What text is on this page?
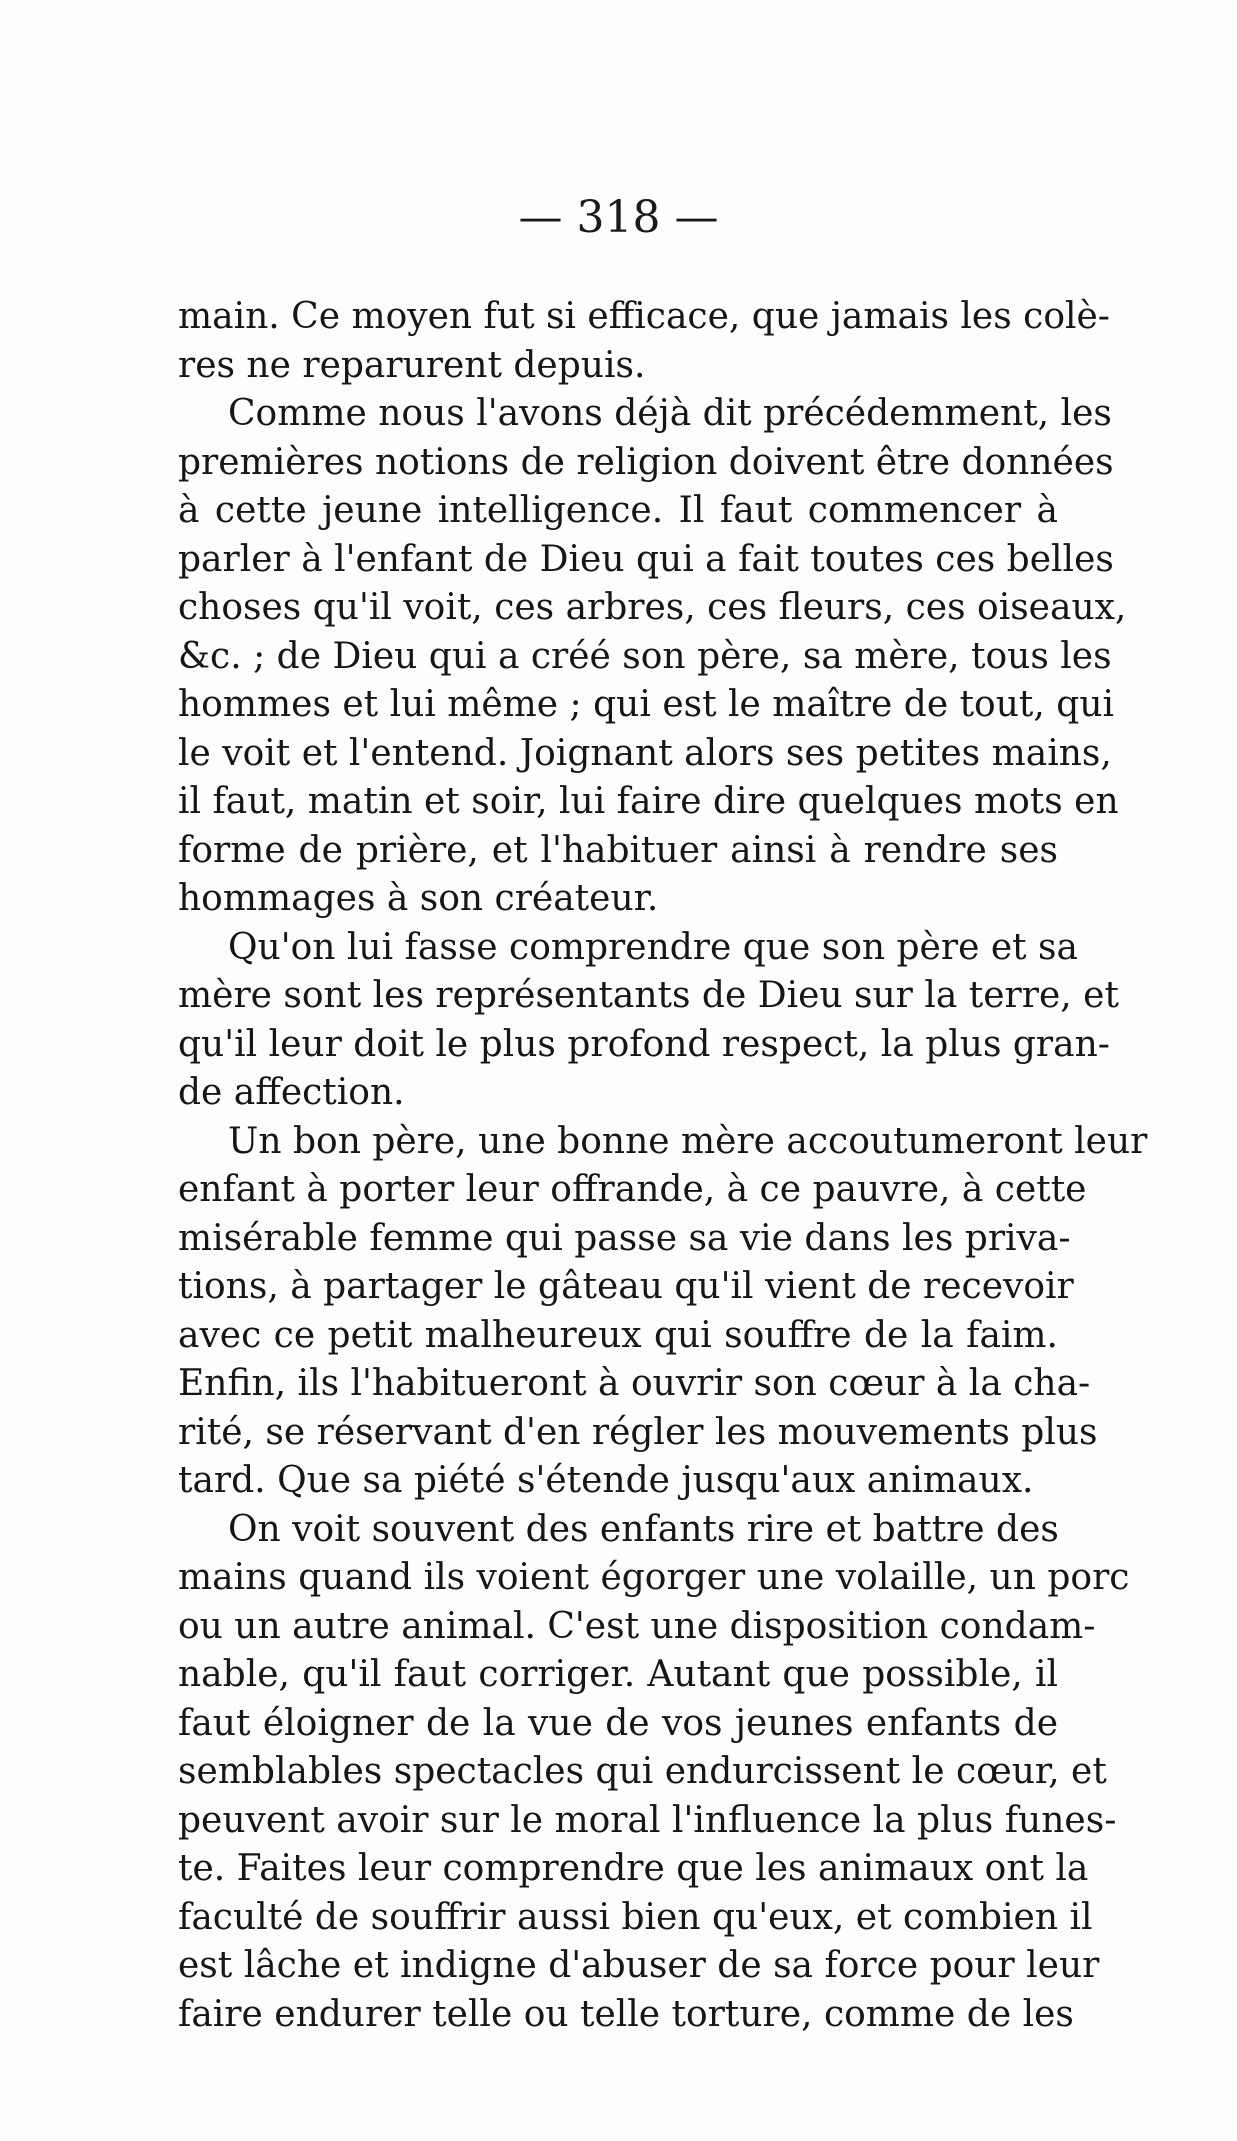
— 318 —
main. Ce moyen fut si efficace, que jamais les colè-
res ne reparurent depuis.
Comme nous l'avons déjà dit précédemment, les
premières notions de religion doivent être données
à cette jeune intelligence. Il faut commencer à
parler à l'enfant de Dieu qui a fait toutes ces belles
choses qu'il voit, ces arbres, ces fleurs, ces oiseaux,
&c. ; de Dieu qui a créé son père, sa mère, tous les
hommes et lui même ; qui est le maître de tout, qui
le voit et l'entend. Joignant alors ses petites mains,
il faut, matin et soir, lui faire dire quelques mots en
forme de prière, et l'habituer ainsi à rendre ses
hommages à son créateur.
Qu'on lui fasse comprendre que son père et sa
mère sont les représentants de Dieu sur la terre, et
qu'il leur doit le plus profond respect, la plus gran-
de affection.
Un bon père, une bonne mère accoutumeront leur
enfant à porter leur offrande, à ce pauvre, à cette
misérable femme qui passe sa vie dans les priva-
tions, à partager le gâteau qu'il vient de recevoir
avec ce petit malheureux qui souffre de la faim.
Enfin, ils l'habitueront à ouvrir son cœur à la cha-
rité, se réservant d'en régler les mouvements plus
tard. Que sa piété s'étende jusqu'aux animaux.
On voit souvent des enfants rire et battre des
mains quand ils voient égorger une volaille, un porc
ou un autre animal. C'est une disposition condam-
nable, qu'il faut corriger. Autant que possible, il
faut éloigner de la vue de vos jeunes enfants de
semblables spectacles qui endurcissent le cœur, et
peuvent avoir sur le moral l'influence la plus funes-
te. Faites leur comprendre que les animaux ont la
faculté de souffrir aussi bien qu'eux, et combien il
est lâche et indigne d'abuser de sa force pour leur
faire endurer telle ou telle torture, comme de les
